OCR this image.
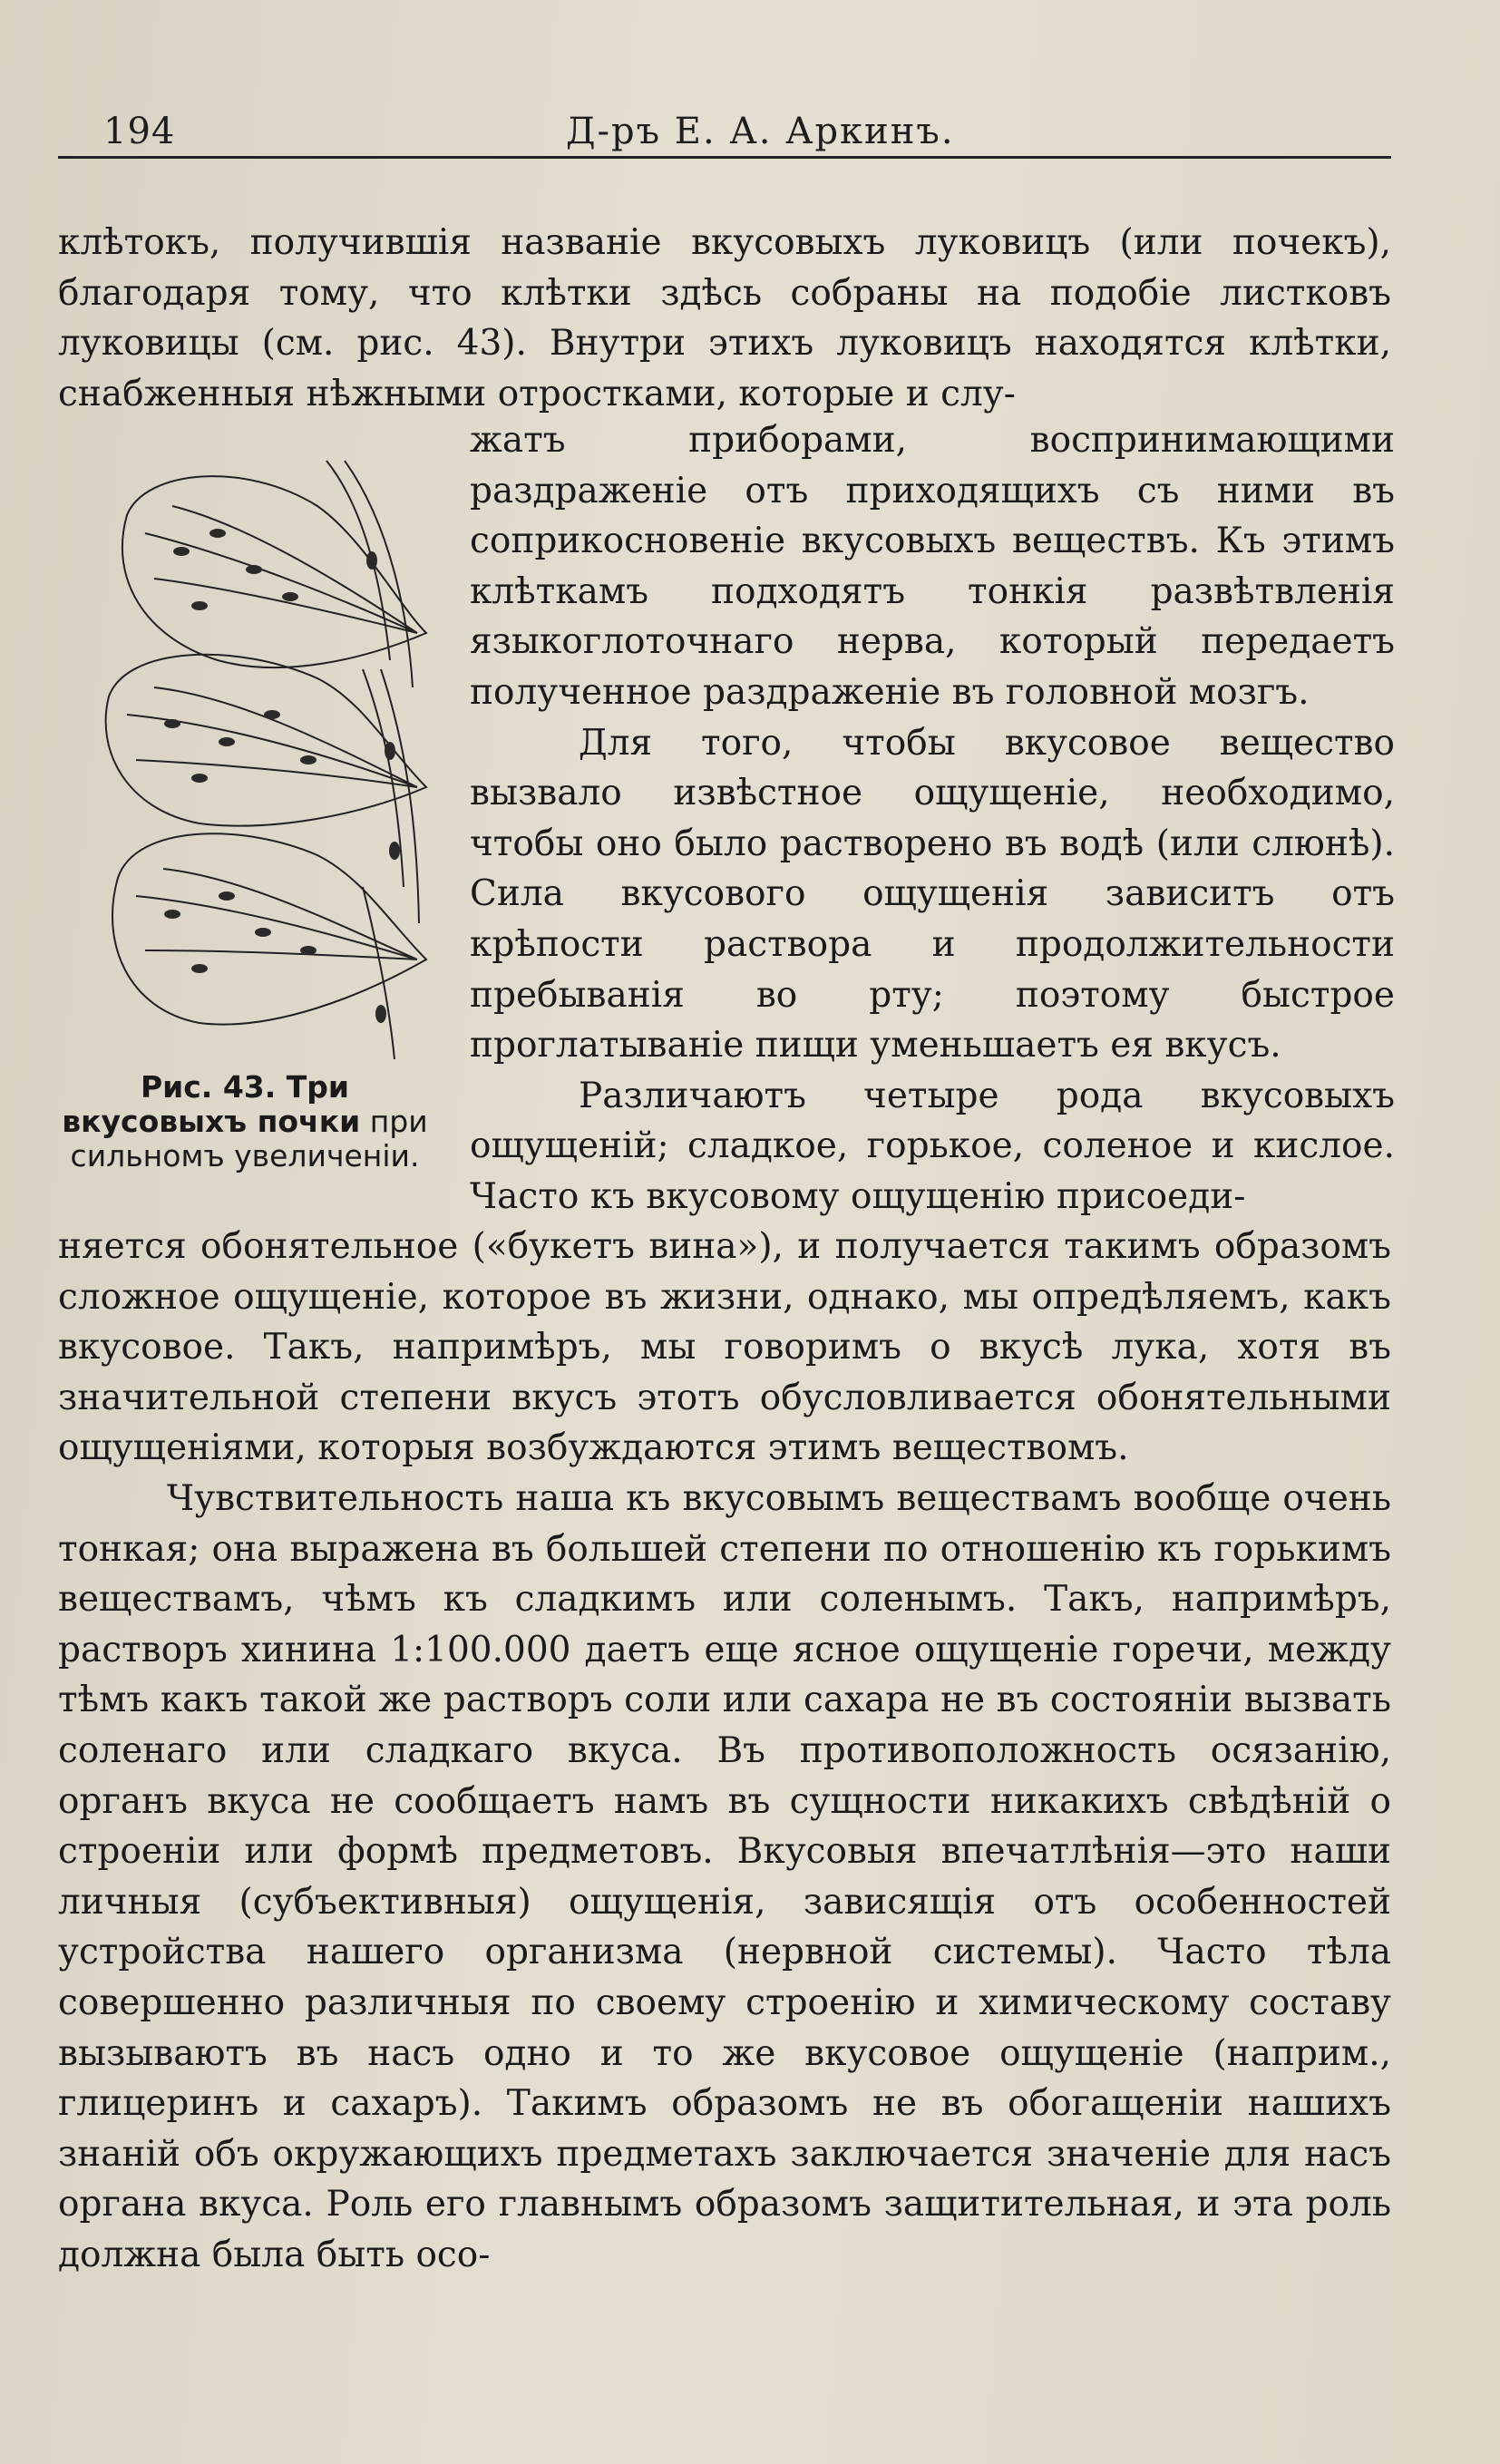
194	Д-ръ Е. А. Аркинъ.

клѣтокъ, получившія названіе вкусовыхъ луковицъ (или почекъ), благодаря тому, что клѣтки здѣсь собраны на подобіе листковъ луковицы (см. рис. 43). Внутри этихъ луковицъ находятся клѣтки, снабженныя нѣжными отростками, которые и слу-

Рис. 43. Три вкусовыхъ почки при сильномъ увеличеніи.

жатъ приборами, воспринимающими раздраженіе отъ приходящихъ съ ними въ соприкосновеніе вкусовыхъ веществъ. Къ этимъ клѣткамъ подходятъ тонкія развѣтвленія языкоглоточнаго нерва, который передаетъ полученное раздраженіе въ головной мозгъ.

Для того, чтобы вкусовое вещество вызвало извѣстное ощущеніе, необходимо, чтобы оно было растворено въ водѣ (или слюнѣ). Сила вкусового ощущенія зависитъ отъ крѣпости раствора и продолжительности пребыванія во рту; поэтому быстрое проглатываніе пищи уменьшаетъ ея вкусъ.

Различаютъ четыре рода вкусовыхъ ощущеній; сладкое, горькое, соленое и кислое. Часто къ вкусовому ощущенію присоеди-

няется обонятельное («букетъ вина»), и получается такимъ образомъ сложное ощущеніе, которое въ жизни, однако, мы опредѣляемъ, какъ вкусовое. Такъ, напримѣръ, мы говоримъ о вкусѣ лука, хотя въ значительной степени вкусъ этотъ обусловливается обонятельными ощущеніями, которыя возбуждаются этимъ веществомъ.

Чувствительность наша къ вкусовымъ веществамъ вообще очень тонкая; она выражена въ большей степени по отношенію къ горькимъ веществамъ, чѣмъ къ сладкимъ или соленымъ. Такъ, напримѣръ, растворъ хинина 1:100.000 даетъ еще ясное ощущеніе горечи, между тѣмъ какъ такой же растворъ соли или сахара не въ состояніи вызвать соленаго или сладкаго вкуса. Въ противоположность осязанію, органъ вкуса не сообщаетъ намъ въ сущности никакихъ свѣдѣній о строеніи или формѣ предметовъ. Вкусовыя впечатлѣнія—это наши личныя (субъективныя) ощущенія, зависящія отъ особенностей устройства нашего организма (нервной системы). Часто тѣла совершенно различныя по своему строенію и химическому составу вызываютъ въ насъ одно и то же вкусовое ощущеніе (наприм., глицеринъ и сахаръ). Такимъ образомъ не въ обогащеніи нашихъ знаній объ окружающихъ предметахъ заключается значеніе для насъ органа вкуса. Роль его главнымъ образомъ защитительная, и эта роль должна была быть осо-
